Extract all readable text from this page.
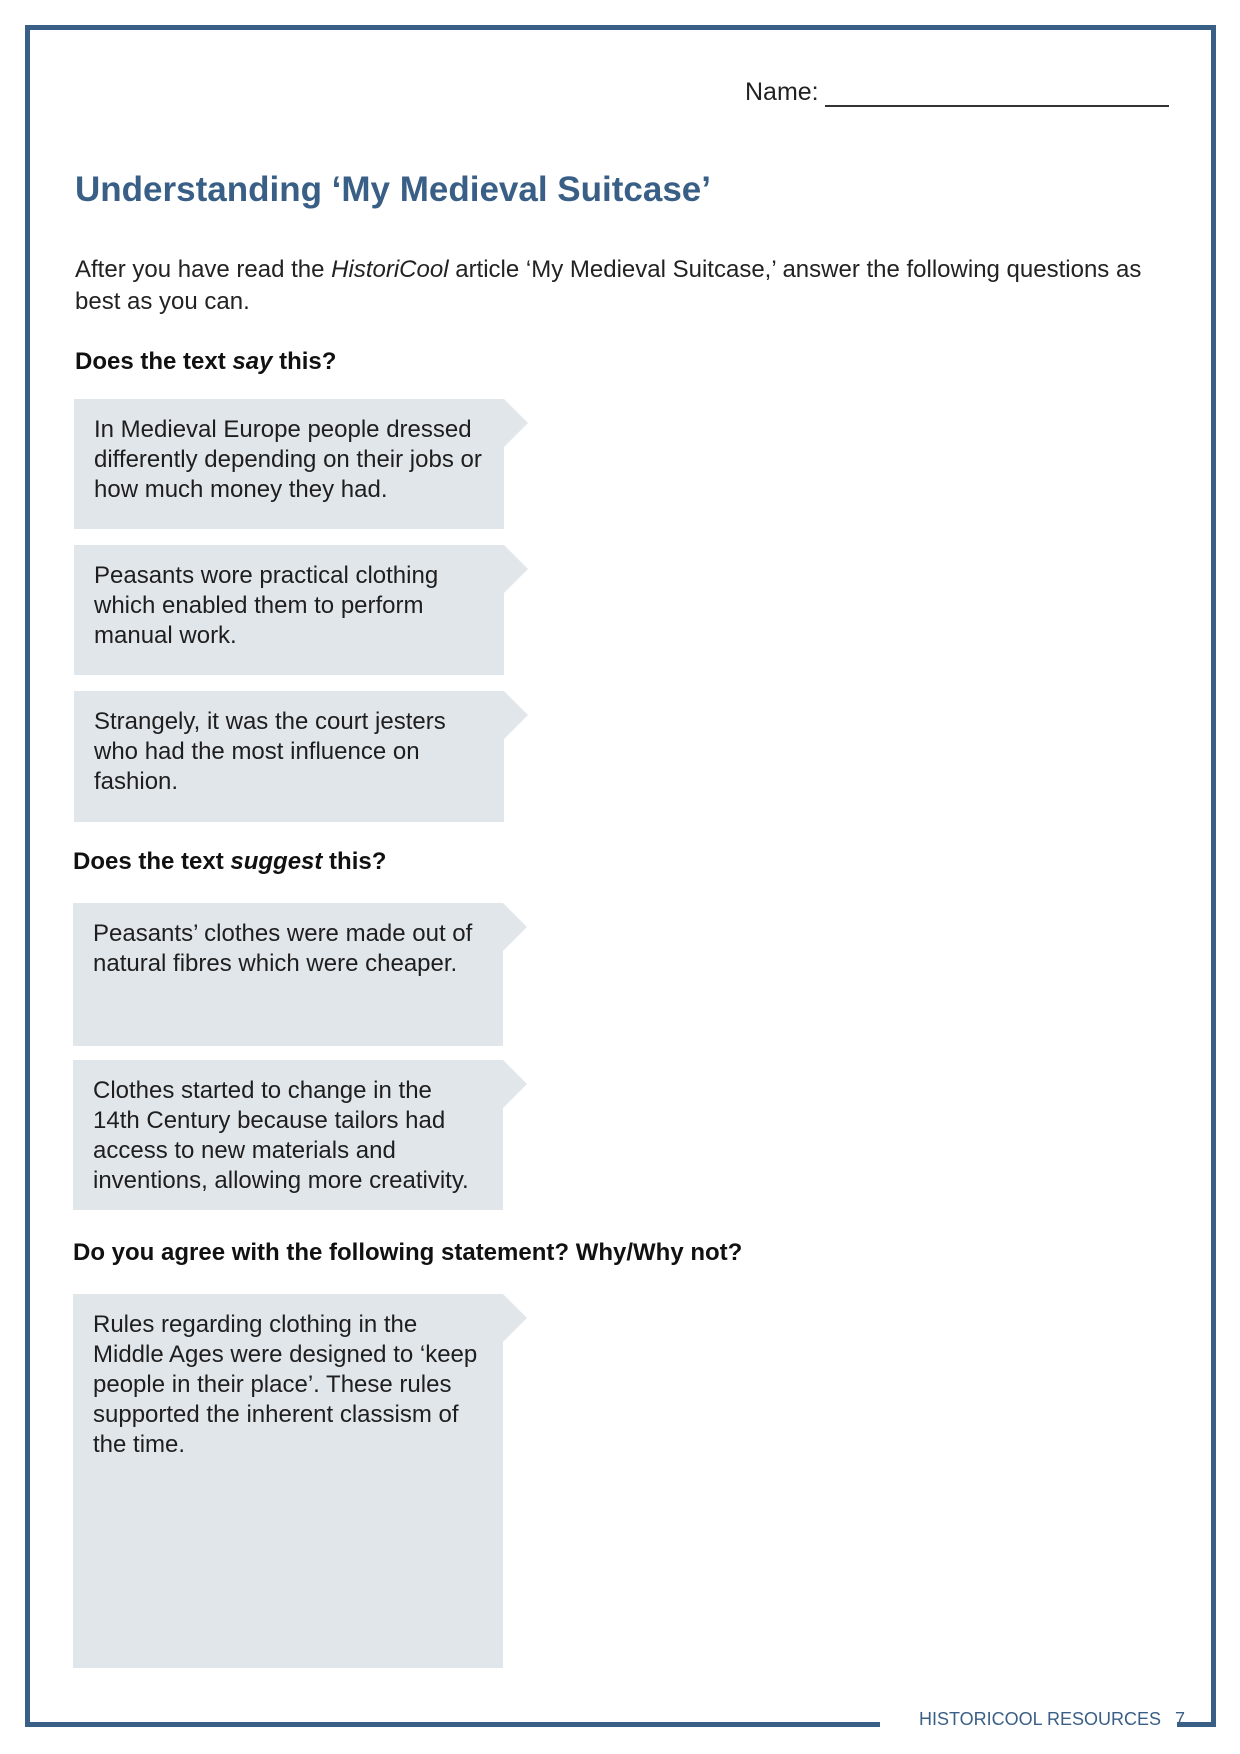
Name:
Understanding ‘My Medieval Suitcase’

After you have read the HistoriCool article ‘My Medieval Suitcase,’ answer the following questions as best as you can.

Does the text say this?
In Medieval Europe people dressed differently depending on their jobs or how much money they had.
Peasants wore practical clothing which enabled them to perform manual work.
Strangely, it was the court jesters who had the most influence on fashion.
Does the text suggest this?
Peasants’ clothes were made out of natural fibres which were cheaper.
Clothes started to change in the 14th Century because tailors had access to new materials and inventions, allowing more creativity.
Do you agree with the following statement? Why/Why not?
Rules regarding clothing in the Middle Ages were designed to ‘keep people in their place’. These rules supported the inherent classism of the time.
HISTORICOOL RESOURCES 7
